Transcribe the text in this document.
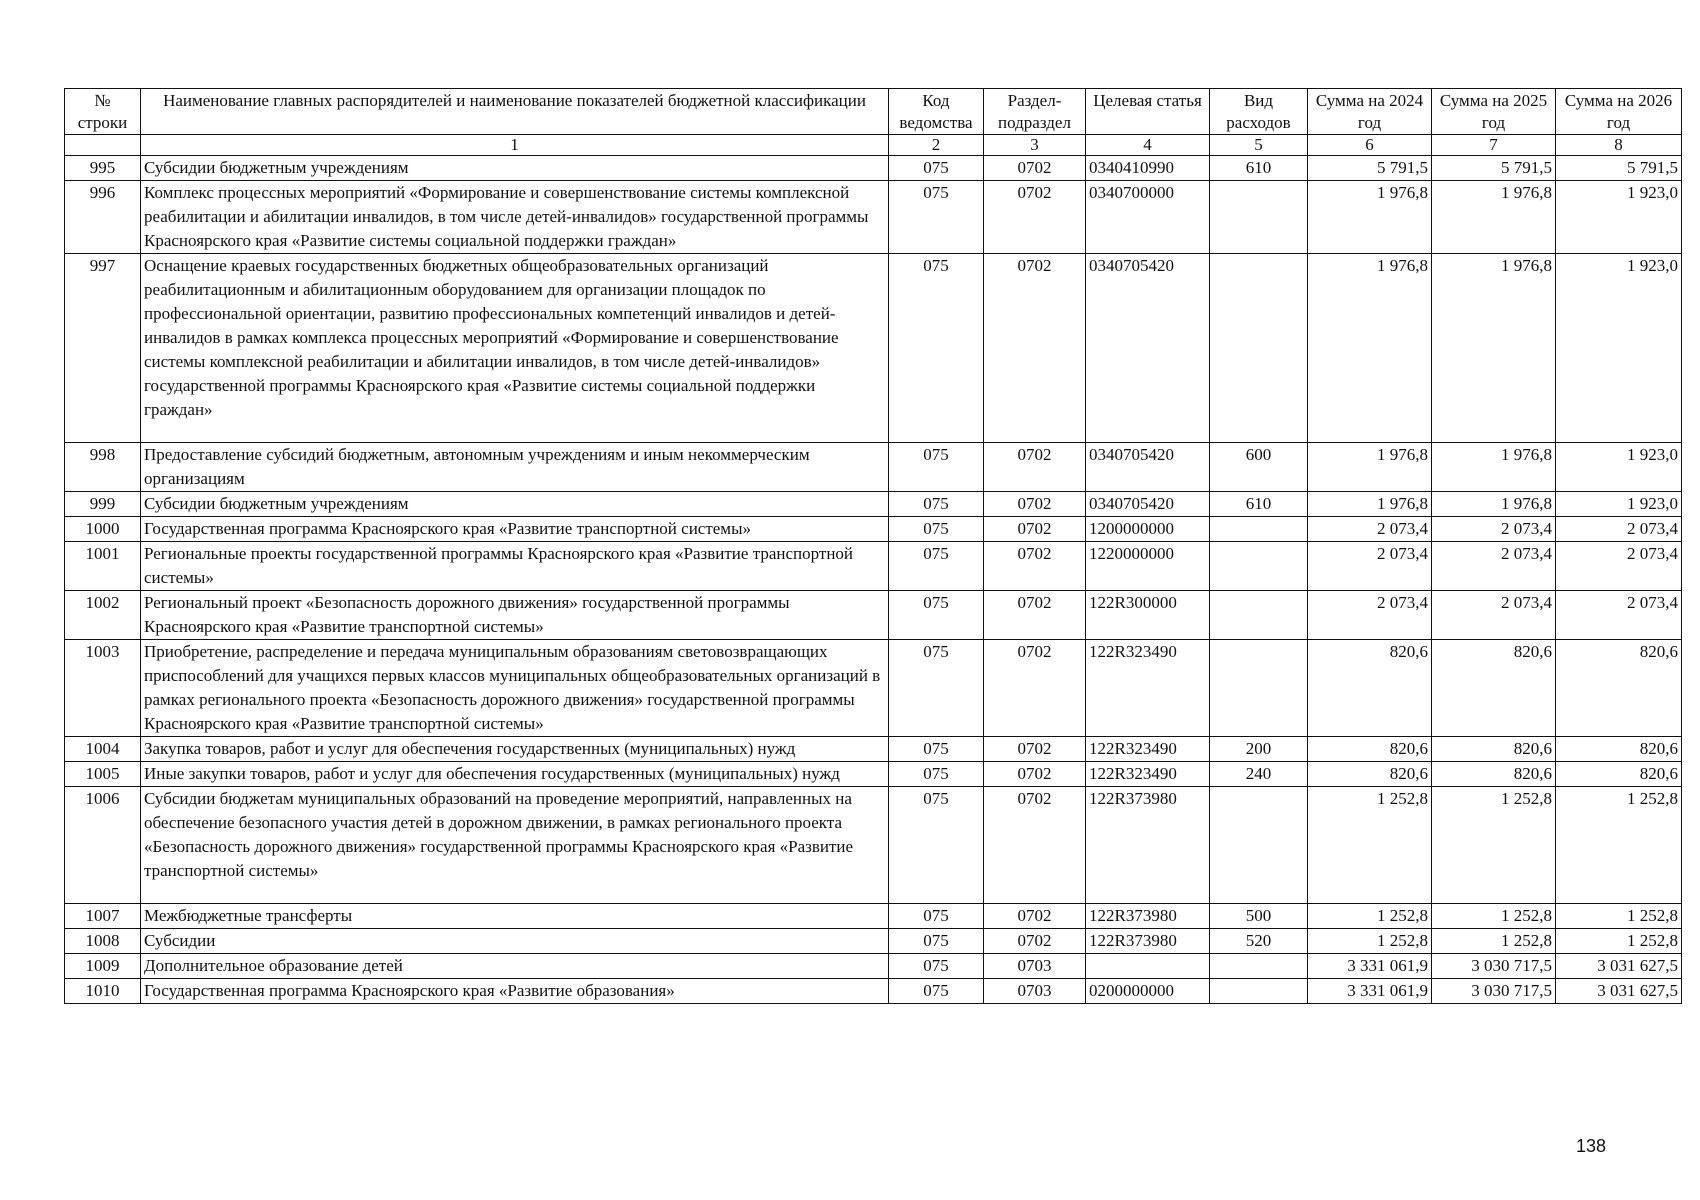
№ строки	Наименование главных распорядителей и наименование показателей бюджетной классификации	Код ведомства	Раздел- подраздел	Целевая статья	Вид расходов	Сумма на 2024 год	Сумма на 2025 год	Сумма на 2026 год
	1	2	3	4	5	6	7	8
995	Субсидии бюджетным учреждениям	075	0702	0340410990	610	5 791,5	5 791,5	5 791,5
996	Комплекс процессных мероприятий «Формирование и совершенствование системы комплексной реабилитации и абилитации инвалидов, в том числе детей-инвалидов» государственной программы Красноярского края «Развитие системы социальной поддержки граждан»	075	0702	0340700000		1 976,8	1 976,8	1 923,0
997	Оснащение краевых государственных бюджетных общеобразовательных организаций реабилитационным и абилитационным оборудованием для организации площадок по профессиональной ориентации, развитию профессиональных компетенций инвалидов и детей-инвалидов в рамках комплекса процессных мероприятий «Формирование и совершенствование системы комплексной реабилитации и абилитации инвалидов, в том числе детей-инвалидов» государственной программы Красноярского края «Развитие системы социальной поддержки граждан»	075	0702	0340705420		1 976,8	1 976,8	1 923,0
998	Предоставление субсидий бюджетным, автономным учреждениям и иным некоммерческим организациям	075	0702	0340705420	600	1 976,8	1 976,8	1 923,0
999	Субсидии бюджетным учреждениям	075	0702	0340705420	610	1 976,8	1 976,8	1 923,0
1000	Государственная программа Красноярского края «Развитие транспортной системы»	075	0702	1200000000		2 073,4	2 073,4	2 073,4
1001	Региональные проекты государственной программы Красноярского края «Развитие транспортной системы»	075	0702	1220000000		2 073,4	2 073,4	2 073,4
1002	Региональный проект «Безопасность дорожного движения» государственной программы Красноярского края «Развитие транспортной системы»	075	0702	122R300000		2 073,4	2 073,4	2 073,4
1003	Приобретение, распределение и передача муниципальным образованиям световозвращающих приспособлений для учащихся первых классов муниципальных общеобразовательных организаций в рамках регионального проекта «Безопасность дорожного движения» государственной программы Красноярского края «Развитие транспортной системы»	075	0702	122R323490		820,6	820,6	820,6
1004	Закупка товаров, работ и услуг для обеспечения государственных (муниципальных) нужд	075	0702	122R323490	200	820,6	820,6	820,6
1005	Иные закупки товаров, работ и услуг для обеспечения государственных (муниципальных) нужд	075	0702	122R323490	240	820,6	820,6	820,6
1006	Субсидии бюджетам муниципальных образований на проведение мероприятий, направленных на обеспечение безопасного участия детей в дорожном движении, в рамках регионального проекта «Безопасность дорожного движения» государственной программы Красноярского края «Развитие транспортной системы»	075	0702	122R373980		1 252,8	1 252,8	1 252,8
1007	Межбюджетные трансферты	075	0702	122R373980	500	1 252,8	1 252,8	1 252,8
1008	Субсидии	075	0702	122R373980	520	1 252,8	1 252,8	1 252,8
1009	Дополнительное образование детей	075	0703			3 331 061,9	3 030 717,5	3 031 627,5
1010	Государственная программа Красноярского края «Развитие образования»	075	0703	0200000000		3 331 061,9	3 030 717,5	3 031 627,5
138
